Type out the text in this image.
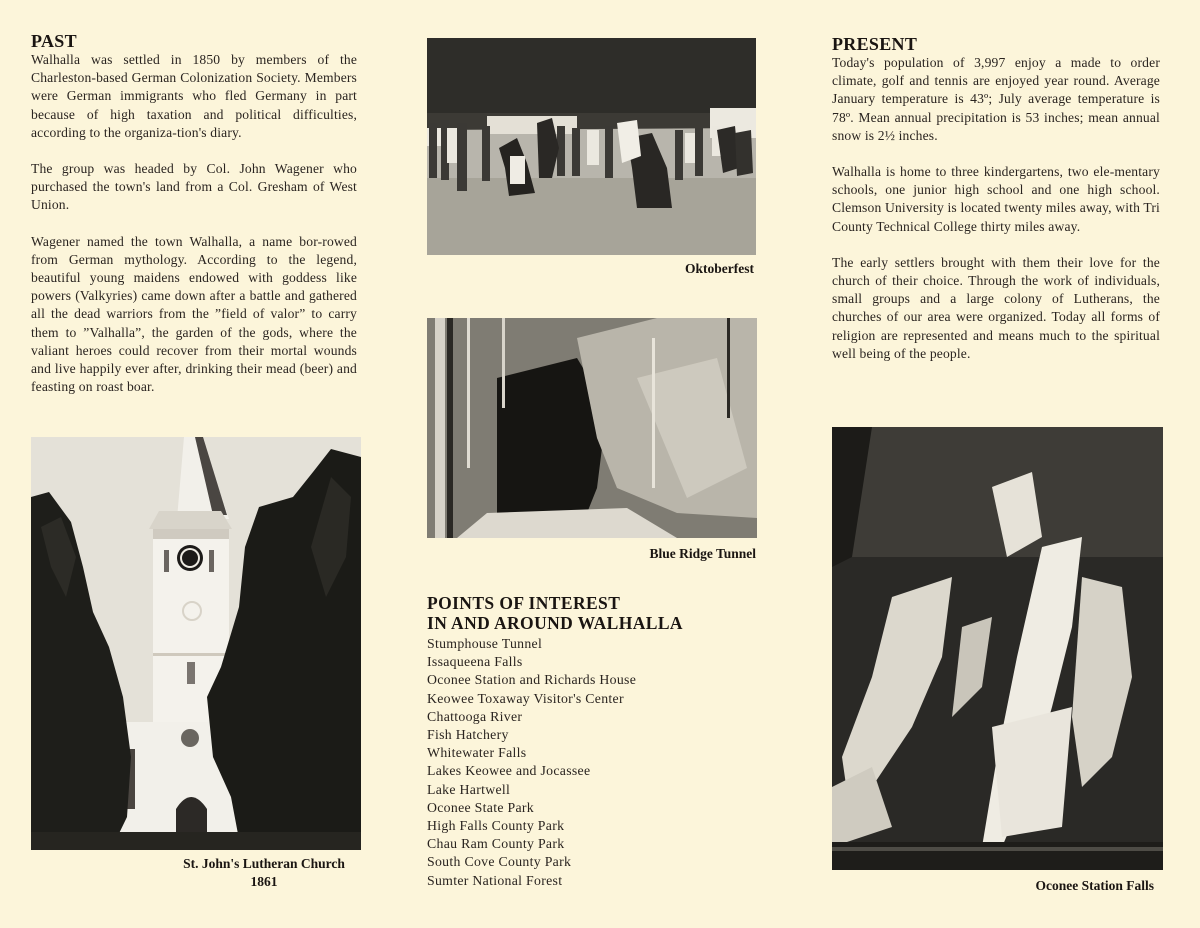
PAST

Walhalla was settled in 1850 by members of the Charleston-based German Colonization Society. Members were German immigrants who fled Germany in part because of high taxation and political difficulties, according to the organiza-tion's diary.

The group was headed by Col. John Wagener who purchased the town's land from a Col. Gresham of West Union.

Wagener named the town Walhalla, a name bor-rowed from German mythology. According to the legend, beautiful young maidens endowed with goddess like powers (Valkyries) came down after a battle and gathered all the dead warriors from the ”field of valor” to carry them to ”Valhalla”, the garden of the gods, where the valiant heroes could recover from their mortal wounds and live happily ever after, drinking their mead (beer) and feasting on roast boar.

St. John's Lutheran Church
1861
Oktoberfest
Blue Ridge Tunnel
POINTS OF INTEREST
IN AND AROUND WALHALLA
Stumphouse Tunnel
Issaqueena Falls
Oconee Station and Richards House
Keowee Toxaway Visitor's Center
Chattooga River
Fish Hatchery
Whitewater Falls
Lakes Keowee and Jocassee
Lake Hartwell
Oconee State Park
High Falls County Park
Chau Ram County Park
South Cove County Park
Sumter National Forest
PRESENT

Today's population of 3,997 enjoy a made to order climate, golf and tennis are enjoyed year round. Average January temperature is 43º; July average temperature is 78º. Mean annual precipitation is 53 inches; mean annual snow is 2½ inches.

Walhalla is home to three kindergartens, two ele-mentary schools, one junior high school and one high school. Clemson University is located twenty miles away, with Tri County Technical College thirty miles away.

The early settlers brought with them their love for the church of their choice. Through the work of individuals, small groups and a large colony of Lutherans, the churches of our area were organized. Today all forms of religion are represented and means much to the spiritual well being of the people.

Oconee Station Falls
